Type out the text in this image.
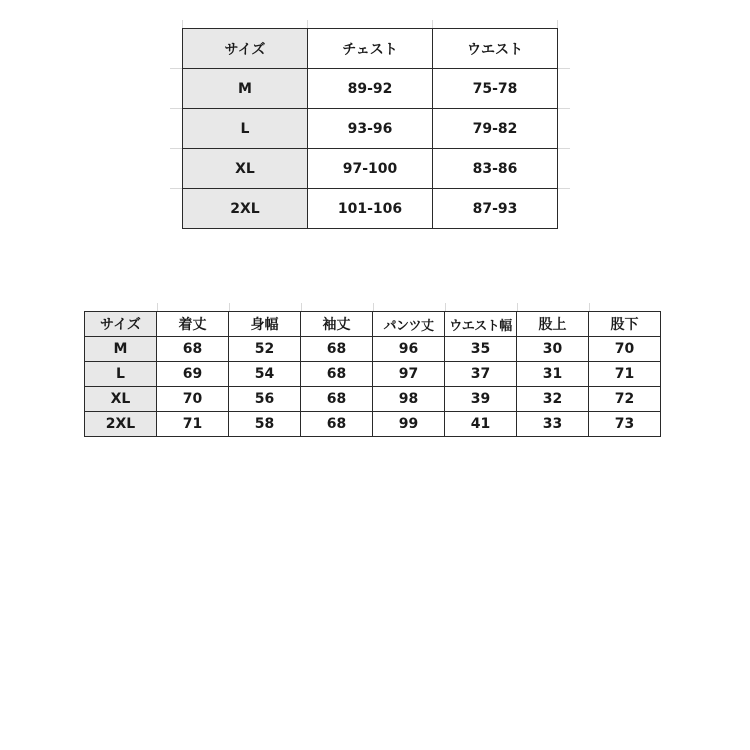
サイズ	チェスト	ウエスト
M	89-92	75-78
L	93-96	79-82
XL	97-100	83-86
2XL	101-106	87-93
サイズ	着丈	身幅	袖丈	パンツ丈	ウエスト幅	股上	股下
M	68	52	68	96	35	30	70
L	69	54	68	97	37	31	71
XL	70	56	68	98	39	32	72
2XL	71	58	68	99	41	33	73
